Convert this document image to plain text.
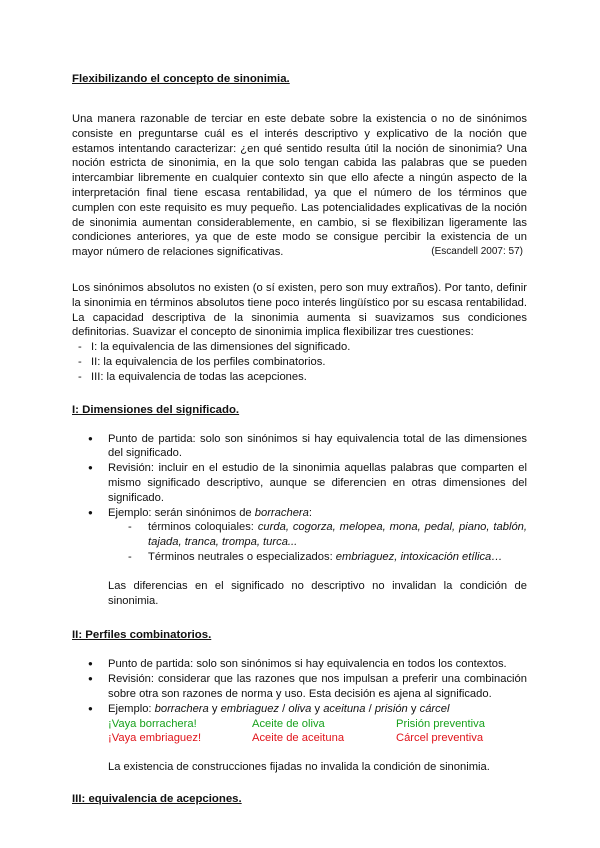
Flexibilizando el concepto de sinonimia.

Una manera razonable de terciar en este debate sobre la existencia o no de sinónimos consiste en preguntarse cuál es el interés descriptivo y explicativo de la noción que estamos intentando caracterizar: ¿en qué sentido resulta útil la noción de sinonimia? Una noción estricta de sinonimia, en la que solo tengan cabida las palabras que se pueden intercambiar libremente en cualquier contexto sin que ello afecte a ningún aspecto de la interpretación final tiene escasa rentabilidad, ya que el número de los términos que cumplen con este requisito es muy pequeño. Las potencialidades explicativas de la noción de sinonimia aumentan considerablemente, en cambio, si se flexibilizan ligeramente las condiciones anteriores, ya que de este modo se consigue percibir la existencia de un mayor número de relaciones significativas.	(Escandell 2007: 57)

Los sinónimos absolutos no existen (o sí existen, pero son muy extraños). Por tanto, definir la sinonimia en términos absolutos tiene poco interés lingüístico por su escasa rentabilidad. La capacidad descriptiva de la sinonimia aumenta si suavizamos sus condiciones definitorias. Suavizar el concepto de sinonimia implica flexibilizar tres cuestiones:

- I: la equivalencia de las dimensiones del significado.
- II: la equivalencia de los perfiles combinatorios.
- III: la equivalencia de todas las acepciones.
I: Dimensiones del significado.
● Punto de partida: solo son sinónimos si hay equivalencia total de las dimensiones del significado.
● Revisión: incluir en el estudio de la sinonimia aquellas palabras que comparten el mismo significado descriptivo, aunque se diferencien en otras dimensiones del significado.
● Ejemplo: serán sinónimos de borrachera:
- términos coloquiales: curda, cogorza, melopea, mona, pedal, piano, tablón, tajada, tranca, trompa, turca...
- Términos neutrales o especializados: embriaguez, intoxicación etílica…
Las diferencias en el significado no descriptivo no invalidan la condición de sinonimia.
II: Perfiles combinatorios.
● Punto de partida: solo son sinónimos si hay equivalencia en todos los contextos.
● Revisión: considerar que las razones que nos impulsan a preferir una combinación sobre otra son razones de norma y uso. Esta decisión es ajena al significado.
● Ejemplo: borrachera y embriaguez / oliva y aceituna / prisión y cárcel
¡Vaya borrachera!	Aceite de oliva	Prisión preventiva
¡Vaya embriaguez!	Aceite de aceituna	Cárcel preventiva
La existencia de construcciones fijadas no invalida la condición de sinonimia.
III: equivalencia de acepciones.
